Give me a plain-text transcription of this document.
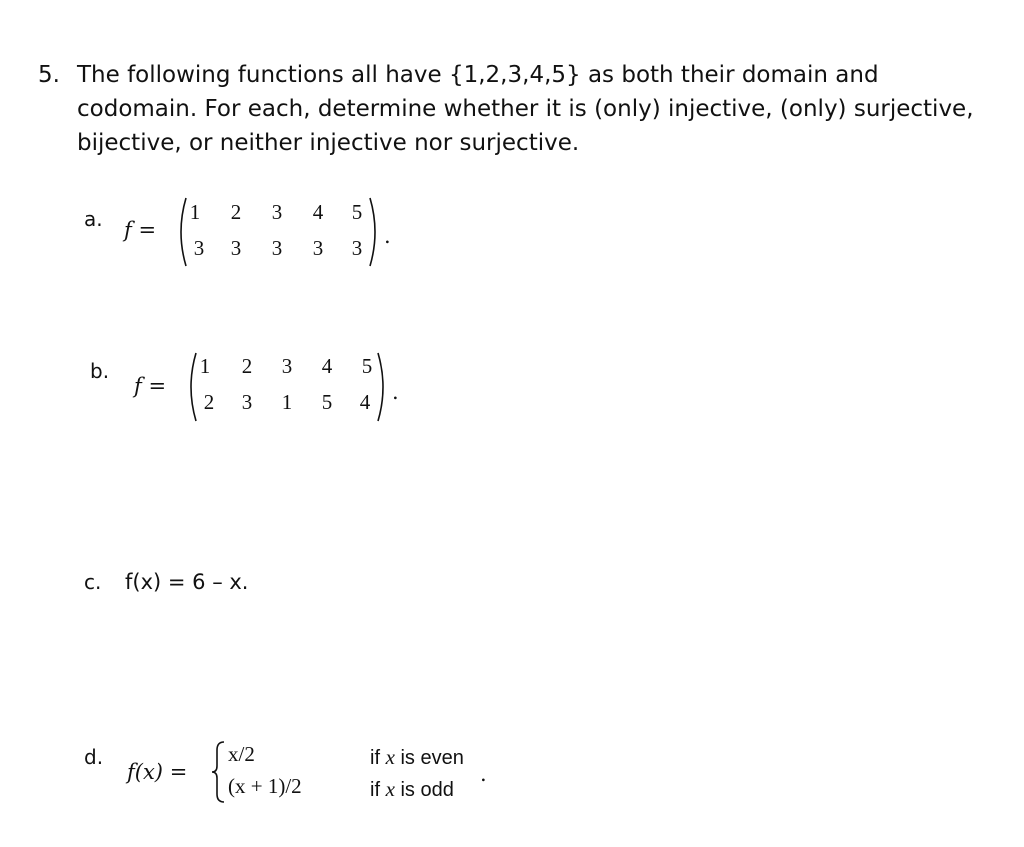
5. The following functions all have {1,2,3,4,5} as both their domain and
codomain. For each, determine whether it is (only) injective, (only) surjective,
bijective, or neither injective nor surjective.
a. f =
1 2 3 4 5
3 3 3 3 3 .
b.
f =
1 2 3 4 5
2 3 1 5 4 .
c. f(x) = 6 – x.
d.
f(x) =
x/2
(x + 1)/2
if x is even
if x is odd
.
